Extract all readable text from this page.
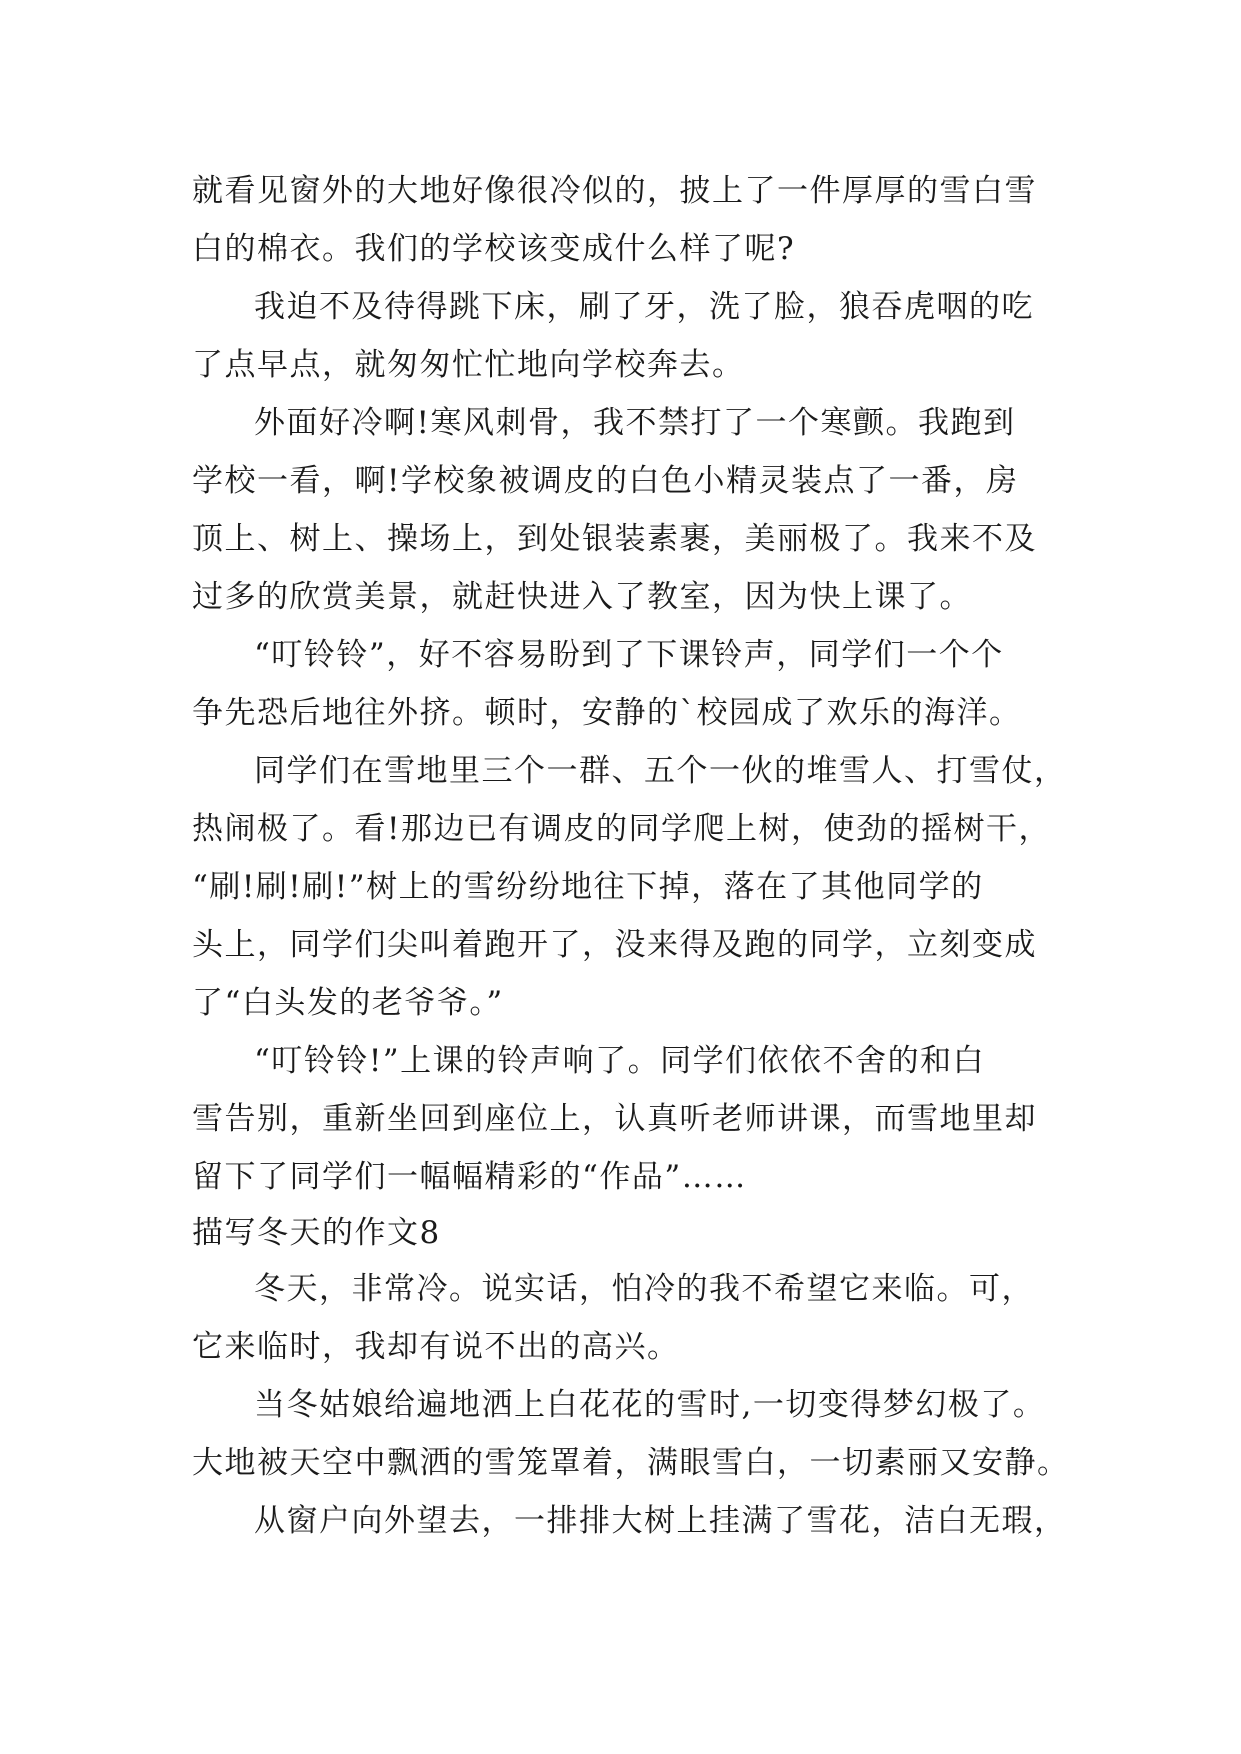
就看见窗外的大地好像很冷似的，披上了一件厚厚的雪白雪
白的棉衣。我们的学校该变成什么样了呢?
我迫不及待得跳下床，刷了牙，洗了脸，狼吞虎咽的吃
了点早点，就匆匆忙忙地向学校奔去。
外面好冷啊!寒风刺骨，我不禁打了一个寒颤。我跑到
学校一看，啊!学校象被调皮的白色小精灵装点了一番，房
顶上、树上、操场上，到处银装素裹，美丽极了。我来不及
过多的欣赏美景，就赶快进入了教室，因为快上课了。
“叮铃铃”，好不容易盼到了下课铃声，同学们一个个
争先恐后地往外挤。顿时，安静的`校园成了欢乐的海洋。
同学们在雪地里三个一群、五个一伙的堆雪人、打雪仗，
热闹极了。看!那边已有调皮的同学爬上树，使劲的摇树干，
“刷!刷!刷!”树上的雪纷纷地往下掉，落在了其他同学的
头上，同学们尖叫着跑开了，没来得及跑的同学，立刻变成
了“白头发的老爷爷。”
“叮铃铃!”上课的铃声响了。同学们依依不舍的和白
雪告别，重新坐回到座位上，认真听老师讲课，而雪地里却
留下了同学们一幅幅精彩的“作品”……
描写冬天的作文8
冬天，非常冷。说实话，怕冷的我不希望它来临。可，
它来临时，我却有说不出的高兴。
当冬姑娘给遍地洒上白花花的雪时,一切变得梦幻极了。
大地被天空中飘洒的雪笼罩着，满眼雪白，一切素丽又安静。
从窗户向外望去，一排排大树上挂满了雪花，洁白无瑕，
